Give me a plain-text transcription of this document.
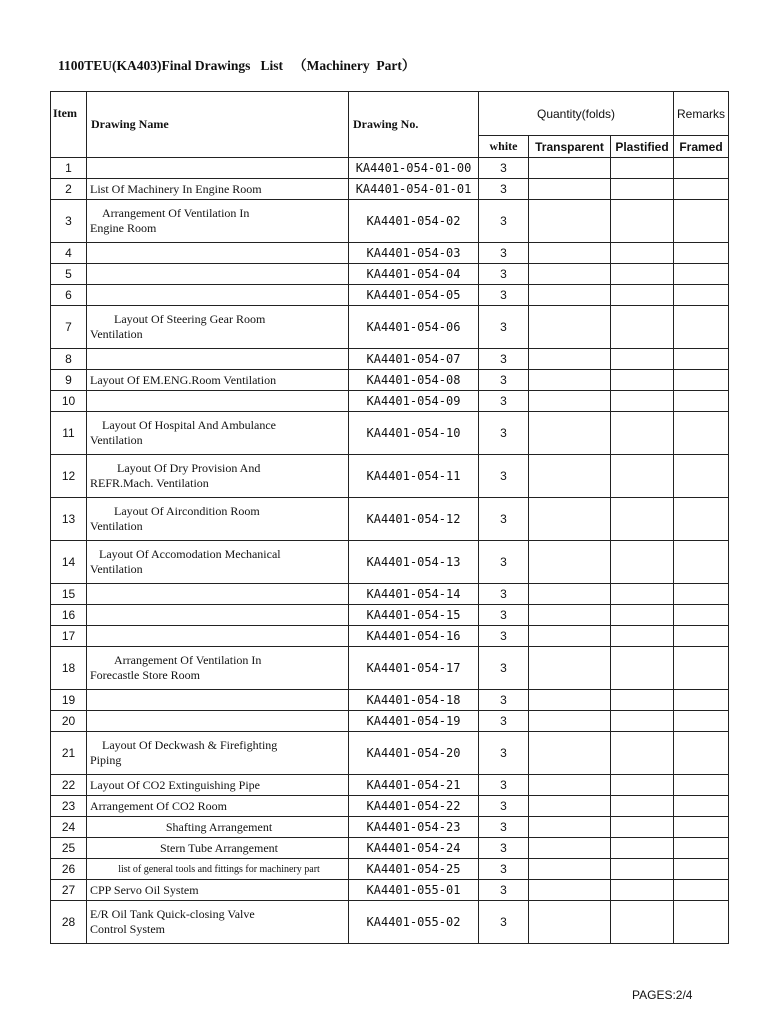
1100TEU(KA403)Final Drawings   List   （Machinery  Part）
Item	Drawing Name	Drawing No.	Quantity(folds)			Remarks
			white	Transparent	Plastified	Framed
1		KA4401-054-01-00	3			
2	List Of Machinery In Engine Room	KA4401-054-01-01	3			
3	Arrangement Of Ventilation In
Engine Room	KA4401-054-02	3			
4		KA4401-054-03	3			
5		KA4401-054-04	3			
6		KA4401-054-05	3			
7	Layout Of Steering Gear Room
Ventilation	KA4401-054-06	3			
8		KA4401-054-07	3			
9	Layout Of EM.ENG.Room Ventilation	KA4401-054-08	3			
10		KA4401-054-09	3			
11	Layout Of Hospital And Ambulance
Ventilation	KA4401-054-10	3			
12	Layout Of Dry Provision And
REFR.Mach. Ventilation	KA4401-054-11	3			
13	Layout Of Aircondition Room
Ventilation	KA4401-054-12	3			
14	Layout Of Accomodation Mechanical
Ventilation	KA4401-054-13	3			
15		KA4401-054-14	3			
16		KA4401-054-15	3			
17		KA4401-054-16	3			
18	Arrangement Of Ventilation In
Forecastle Store Room	KA4401-054-17	3			
19		KA4401-054-18	3			
20		KA4401-054-19	3			
21	Layout Of Deckwash & Firefighting
Piping	KA4401-054-20	3			
22	Layout Of CO2 Extinguishing Pipe	KA4401-054-21	3			
23	Arrangement Of CO2 Room	KA4401-054-22	3			
24	Shafting Arrangement	KA4401-054-23	3			
25	Stern Tube Arrangement	KA4401-054-24	3			
26	list of general tools and fittings for machinery part	KA4401-054-25	3			
27	CPP Servo Oil System	KA4401-055-01	3			
28	E/R Oil Tank Quick-closing Valve
Control System	KA4401-055-02	3			
PAGES:2/4
